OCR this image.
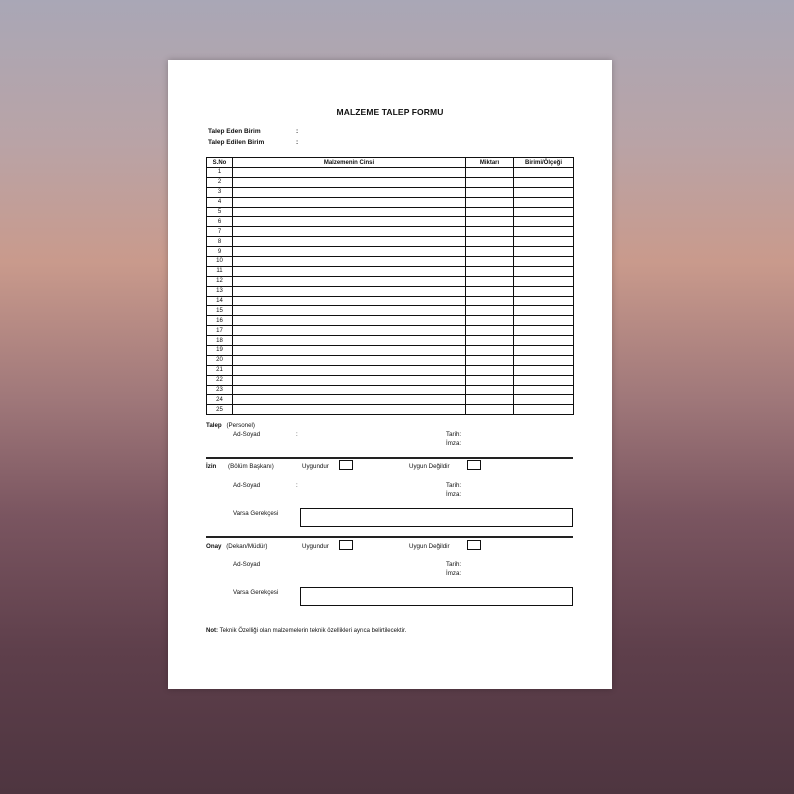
MALZEME TALEP FORMU
Talep Eden Birim	:
Talep Edilen Birim	:
S.No	Malzemenin Cinsi	Miktarı	Birimi/Ölçeği
1			
2			
3			
4			
5			
6			
7			
8			
9			
10			
11			
12			
13			
14			
15			
16			
17			
18			
19			
20			
21			
22			
23			
24			
25			
Talep (Personel)
Ad-Soyad	:	Tarih:
İmza:
İzin (Bölüm Başkanı)	Uygundur	Uygun Değildir
Ad-Soyad	:	Tarih:
İmza:
Varsa Gerekçesi
Onay (Dekan/Müdür)	Uygundur	Uygun Değildir
Ad-Soyad	Tarih:
İmza:
Varsa Gerekçesi
Not: Teknik Özelliği olan malzemelerin teknik özellikleri ayrıca belirtilecektir.
